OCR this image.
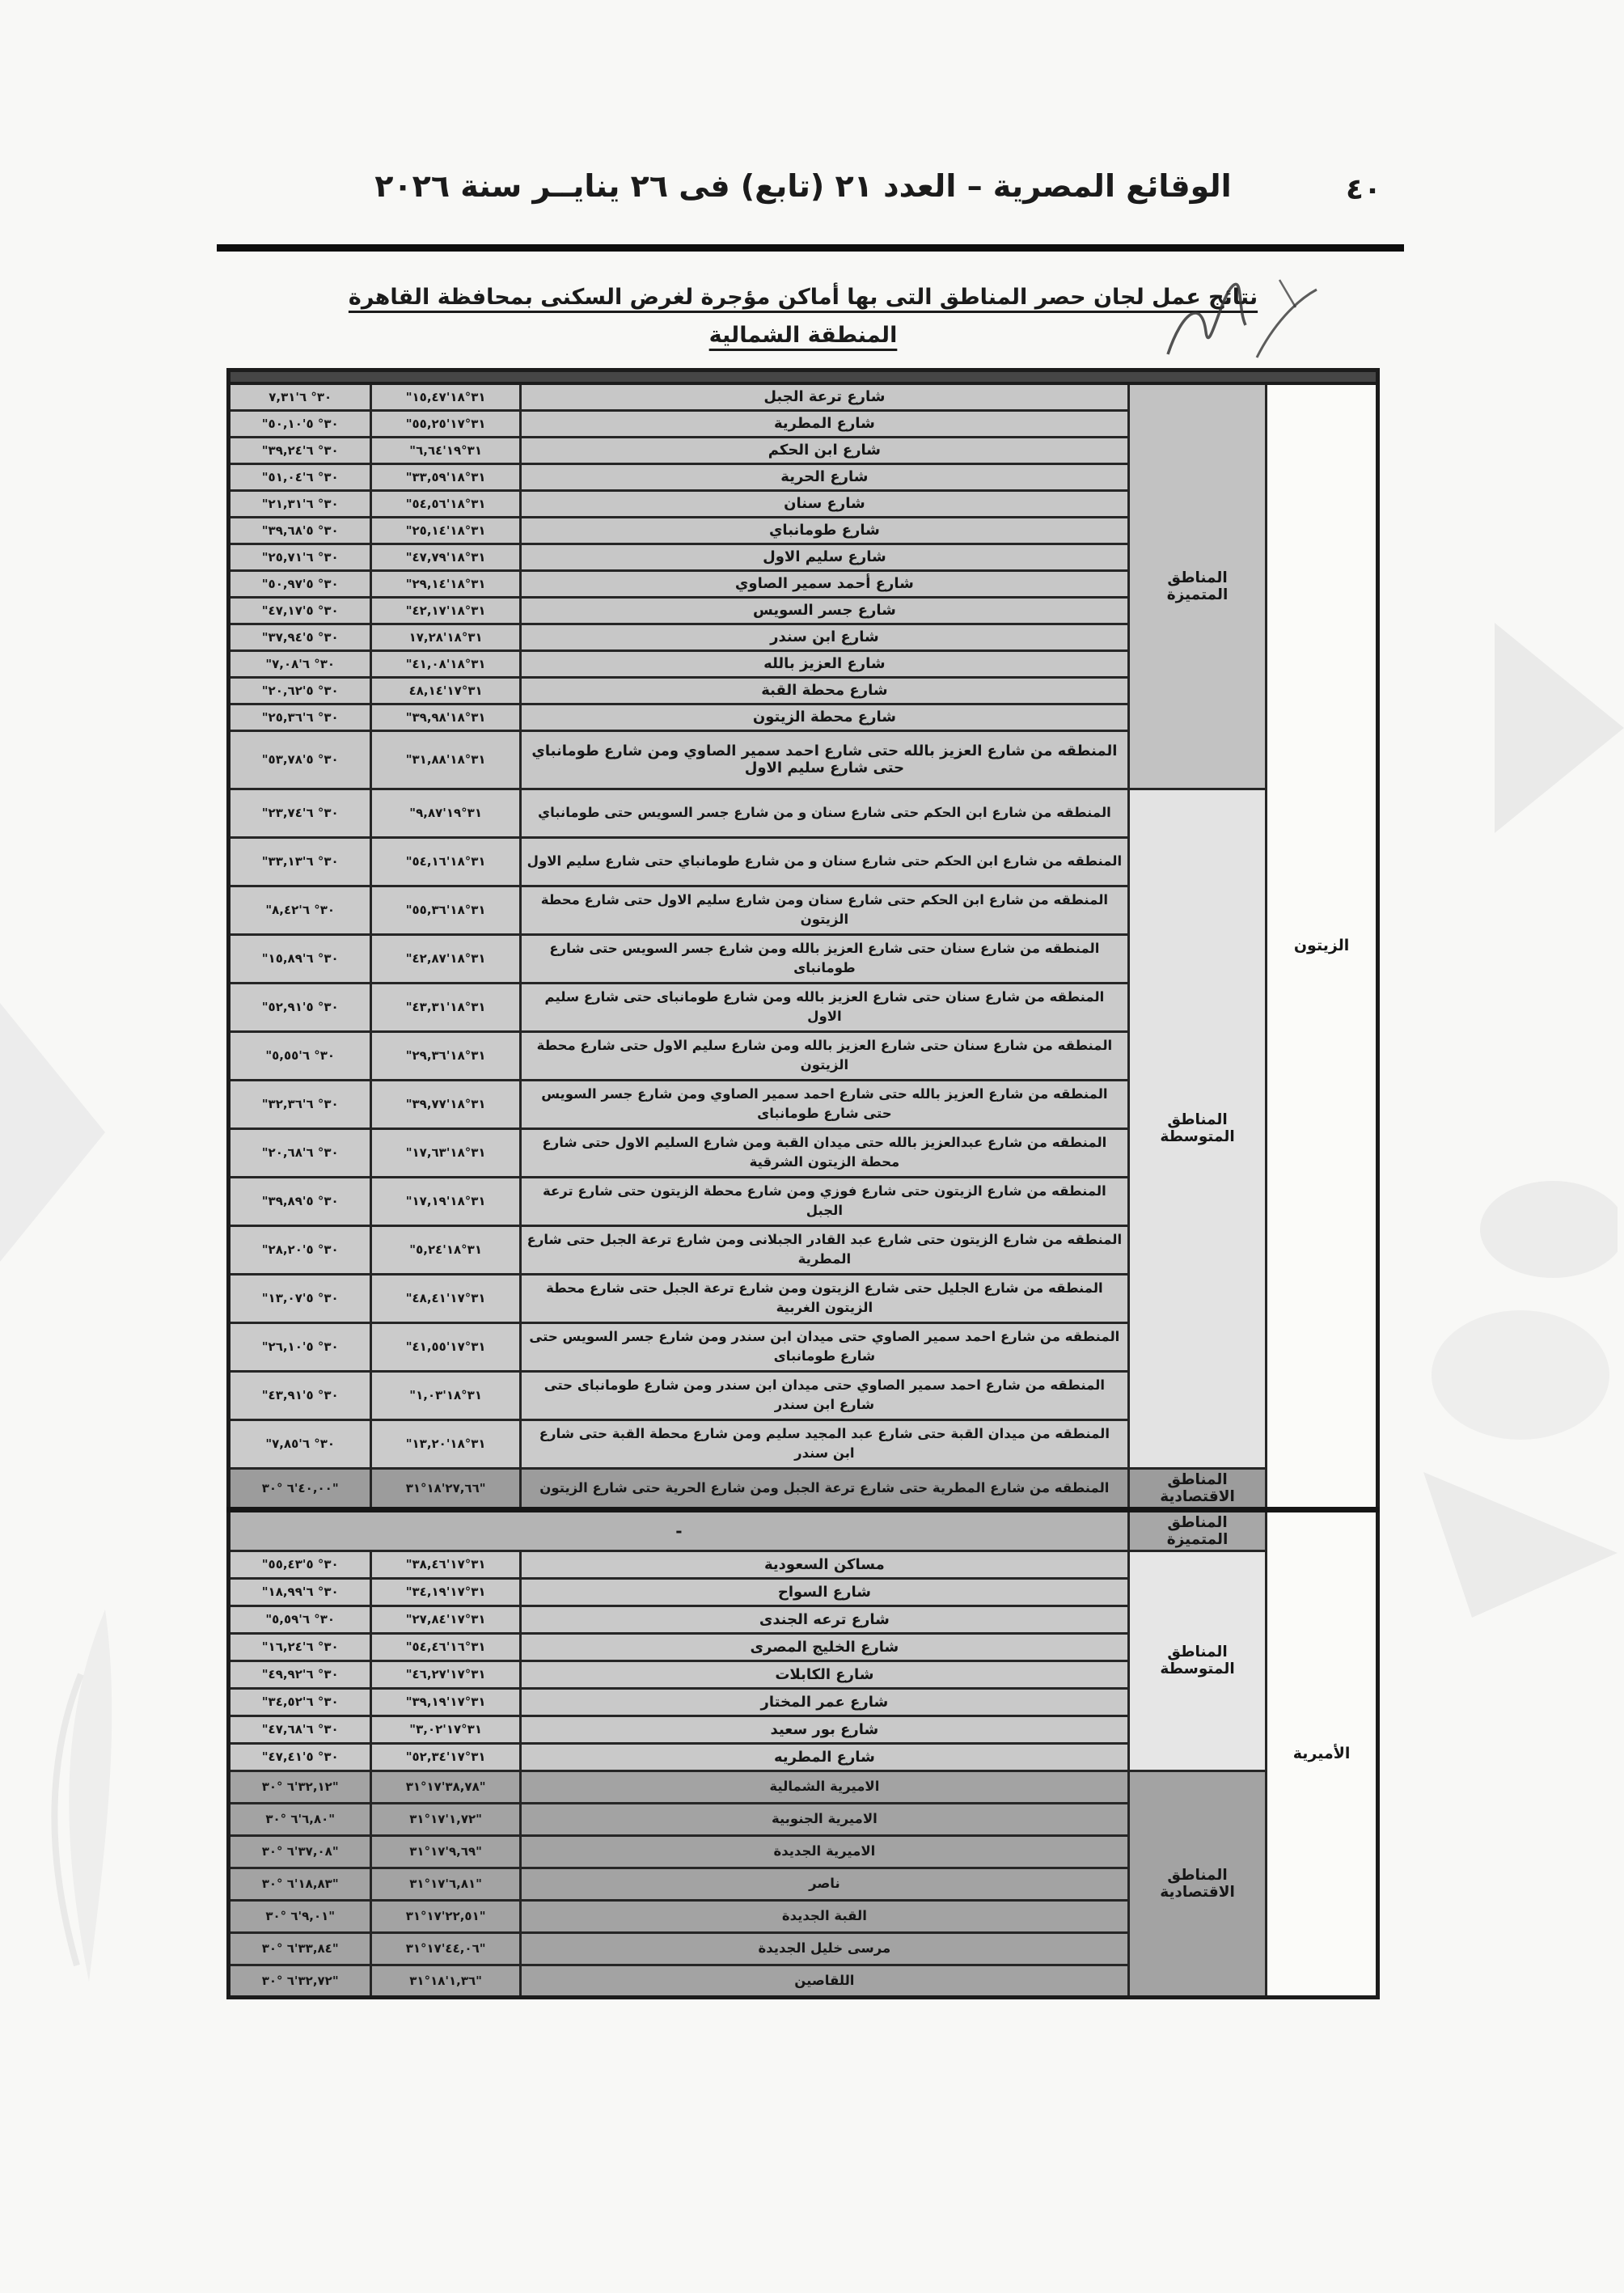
الوقائع المصرية – العدد ٢١ (تابع) فى ٢٦ ينايــر سنة ٢٠٢٦	٤٠
نتائج عمل لجان حصر المناطق التى بها أماكن مؤجرة لغرض السكنى بمحافظة القاهرة
المنطقة الشمالية

الزيتون	المناطق المتميزة	شارع ترعة الجبل	"١٥,٤٧'١٨°٣١	٧,٣١'٦ °٣٠
		شارع المطرية	"٥٥,٢٥'١٧°٣١	"٥٠,١٠'٥ °٣٠
		شارع ابن الحكم	"٦,٦٤'١٩°٣١	"٣٩,٢٤'٦ °٣٠
		شارع الحرية	"٣٣,٥٩'١٨°٣١	"٥١,٠٤'٦ °٣٠
		شارع سنان	"٥٤,٥٦'١٨°٣١	"٢١,٣١'٦ °٣٠
		شارع طومانباي	"٢٥,١٤'١٨°٣١	"٣٩,٦٨'٥ °٣٠
		شارع سليم الاول	"٤٧,٧٩'١٨°٣١	"٢٥,٧١'٦ °٣٠
		شارع أحمد سمير الصاوي	"٢٩,١٤'١٨°٣١	"٥٠,٩٧'٥ °٣٠
		شارع جسر السويس	"٤٢,١٧'١٨°٣١	"٤٧,١٧'٥ °٣٠
		شارع ابن سندر	١٧,٢٨'١٨°٣١	"٣٧,٩٤'٥ °٣٠
		شارع العزيز بالله	"٤١,٠٨'١٨°٣١	"٧,٠٨'٦ °٣٠
		شارع محطة القبة	٤٨,١٤'١٧°٣١	"٢٠,٦٢'٥ °٣٠
		شارع محطة الزيتون	"٣٩,٩٨'١٨°٣١	"٢٥,٣٦'٦ °٣٠
		المنطقه من شارع العزيز بالله حتى شارع احمد سمير الصاوي ومن شارع طومانباي حتى شارع سليم الاول	"٣١,٨٨'١٨°٣١	"٥٣,٧٨'٥ °٣٠
	المناطق المتوسطة	المنطقه من شارع ابن الحكم حتى شارع سنان و من شارع جسر السويس حتى طومانباي	"٩,٨٧'١٩°٣١	"٢٣,٧٤'٦ °٣٠
		المنطقه من شارع ابن الحكم حتى شارع سنان و من شارع طومانباي حتى شارع سليم الاول	"٥٤,١٦'١٨°٣١	"٣٣,١٣'٦ °٣٠
		المنطقه من شارع ابن الحكم حتى شارع سنان ومن شارع سليم الاول حتى شارع محطة الزيتون	"٥٥,٣٦'١٨°٣١	"٨,٤٢'٦ °٣٠
		المنطقه من شارع سنان حتى شارع العزيز بالله ومن شارع جسر السويس حتى شارع طومانباى	"٤٢,٨٧'١٨°٣١	"١٥,٨٩'٦ °٣٠
		المنطقه من شارع سنان حتى شارع العزيز بالله ومن شارع طومانباى حتى شارع سليم الاول	"٤٣,٣١'١٨°٣١	"٥٢,٩١'٥ °٣٠
		المنطقه من شارع سنان حتى شارع العزيز بالله ومن شارع سليم الاول حتى شارع محطة الزيتون	"٢٩,٣٦'١٨°٣١	"٥,٥٥'٦ °٣٠
		المنطقه من شارع العزيز بالله حتى شارع احمد سمير الصاوي ومن شارع جسر السويس حتى شارع طومانباى	"٣٩,٧٧'١٨°٣١	"٣٢,٣٦'٦ °٣٠
		المنطقه من شارع عبدالعزيز بالله حتى ميدان القبة ومن شارع السليم الاول حتى شارع محطة الزيتون الشرقية	"١٧,٦٣'١٨°٣١	"٢٠,٦٨'٦ °٣٠
		المنطقه من شارع الزيتون حتى شارع فوزي ومن شارع محطة الزيتون حتى شارع ترعة الجبل	"١٧,١٩'١٨°٣١	"٣٩,٨٩'٥ °٣٠
		المنطقه من شارع الزيتون حتى شارع عبد القادر الجبلانى ومن شارع ترعة الجبل حتى شارع المطرية	"٥,٢٤'١٨°٣١	"٢٨,٢٠'٥ °٣٠
		المنطقه من شارع الجليل حتى شارع الزيتون ومن شارع ترعة الجبل حتى شارع محطة الزيتون الغربية	"٤٨,٤١'١٧°٣١	"١٣,٠٧'٥ °٣٠
		المنطقه من شارع احمد سمير الصاوي حتى ميدان ابن سندر ومن شارع جسر السويس حتى شارع طومانباى	"٤١,٥٥'١٧°٣١	"٢٦,١٠'٥ °٣٠
		المنطقه من شارع احمد سمير الصاوي حتى ميدان ابن سندر ومن شارع طومانباى حتى شارع ابن سندر	"١,٠٣'١٨°٣١	"٤٣,٩١'٥ °٣٠
		المنطقه من ميدان القبة حتى شارع عبد المجيد سليم ومن شارع محطة القبة حتى شارع ابن سندر	"١٣,٢٠'١٨°٣١	"٧,٨٥'٦ °٣٠
	المناطق الاقتصادية	المنطقه من شارع المطرية حتى شارع ترعة الجبل ومن شارع الحرية حتى شارع الزيتون	٣١°١٨'٢٧,٦٦"	٣٠° ٦'٤٠,٠٠"
الأميرية	المناطق المتميزة	-		
	المناطق المتوسطة	مساكن السعودية	"٣٨,٤٦'١٧°٣١	"٥٥,٤٣'٥ °٣٠
		شارع السواح	"٣٤,١٩'١٧°٣١	"١٨,٩٩'٦ °٣٠
		شارع ترعه الجندى	"٢٧,٨٤'١٧°٣١	"٥,٥٩'٦ °٣٠
		شارع الخليج المصرى	"٥٤,٤٦'١٦°٣١	"١٦,٢٤'٦ °٣٠
		شارع الكابلات	"٤٦,٢٧'١٧°٣١	"٤٩,٩٢'٦ °٣٠
		شارع عمر المختار	"٣٩,١٩'١٧°٣١	"٣٤,٥٢'٦ °٣٠
		شارع بور سعيد	"٣,٠٢'١٧°٣١	"٤٧,٦٨'٦ °٣٠
		شارع المطريه	"٥٢,٣٤'١٧°٣١	"٤٧,٤١'٥ °٣٠
	المناطق الاقتصادية	الاميرية الشمالية	٣١°١٧'٣٨,٧٨"	٣٠° ٦'٣٢,١٢"
		الاميرية الجنوبية	٣١°١٧'١,٧٢"	٣٠° ٦'٦,٨٠"
		الاميرية الجديدة	٣١°١٧'٩,٦٩"	٣٠° ٦'٣٧,٠٨"
		ناصر	٣١°١٧'٦,٨١"	٣٠° ٦'١٨,٨٣"
		القبة الجديدة	٣١°١٧'٢٢,٥١"	٣٠° ٦'٩,٠١"
		مرسى خليل الجديدة	٣١°١٧'٤٤,٠٦"	٣٠° ٦'٣٣,٨٤"
		اللقاصين	٣١°١٨'١,٣٦"	٣٠° ٦'٣٢,٧٢"
